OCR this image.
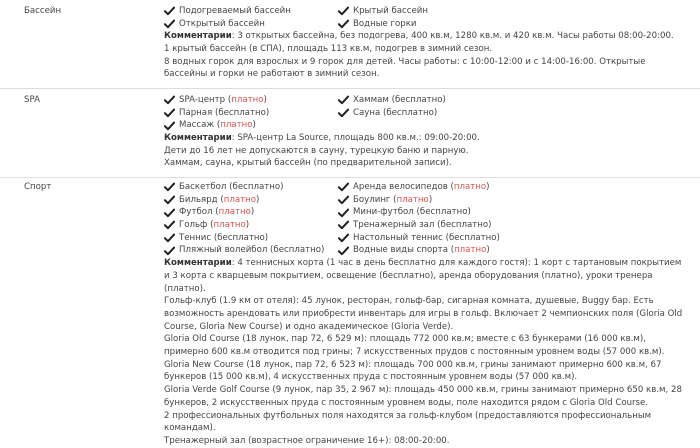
Бассейн	Подогреваемый бассейн	Крытый бассейн
Открытый бассейн	Водные горки

Комментарии: 3 открытых бассейна, без подогрева, 400 кв.м, 1280 кв.м. и 420 кв.м. Часы работы 08:00-20:00.

1 крытый бассейн (в СПА), площадь 113 кв.м, подогрев в зимний сезон.

8 водных горок для взрослых и 9 горок для детей. Часы работы: с 10:00-12:00 и с 14:00-16:00. Открытые бассейны и горки не работают в зимний сезон.

SPA	SPA-центр ( платно )	Хаммам ( бесплатно )
Парная ( бесплатно )	Сауна ( бесплатно )
Массаж ( платно )

Комментарии: SPA-центр La Source, площадь 800 кв.м.: 09:00-20:00.

Дети до 16 лет не допускаются в сауну, турецкую баню и парную.

Хаммам, сауна, крытый бассейн (по предварительной записи).

Спорт	Баскетбол ( бесплатно )	Аренда велосипедов ( платно )
Бильярд ( платно )	Боулинг ( платно )
Футбол ( платно )	Мини-футбол ( бесплатно )
Гольф ( платно )	Тренажерный зал ( бесплатно )
Теннис ( бесплатно )	Настольный теннис ( бесплатно )
Пляжный волейбол ( бесплатно )	Водные виды спорта ( платно )

Комментарии: 4 теннисных корта (1 час в день бесплатно для каждого гостя): 1 корт с тартановым покрытием и 3 корта с кварцевым покрытием, освещение (бесплатно), аренда оборудования (платно), уроки тренера (платно).

Гольф-клуб (1.9 км от отеля): 45 лунок, ресторан, гольф-бар, сигарная комната, душевые, Buggy бар. Есть возможность арендовать или приобрести инвентарь для игры в гольф. Включает 2 чемпионских поля (Gloria Old Course, Gloria New Course) и одно академическое (Gloria Verde).

Gloria Old Course (18 лунок, пар 72, 6 529 м): площадь 772 000 кв.м; вместе с 63 бункерами (16 000 кв.м), примерно 600 кв.м отводится под грины; 7 искусственных прудов с постоянным уровнем воды (57 000 кв.м).

Gloria New Course (18 лунок, пар 72, 6 523 м): площадь 700 000 кв.м, грины занимают примерно 600 кв.м, 67 бункеров (15 000 кв.м), 4 искусственных пруда с постоянным уровнем воды (57 000 кв.м).

Gloria Verde Golf Course (9 лунок, пар 35, 2 967 м): площадь 450 000 кв.м, грины занимают примерно 650 кв.м, 28 бункеров, 2 искусственных пруда с постоянным уровнем воды, поле находится рядом с Gloria Old Course.

2 профессиональных футбольных поля находятся за гольф-клубом (предоставляются профессиональным командам).

Тренажерный зал (возрастное ограничение 16+): 08:00-20:00.
